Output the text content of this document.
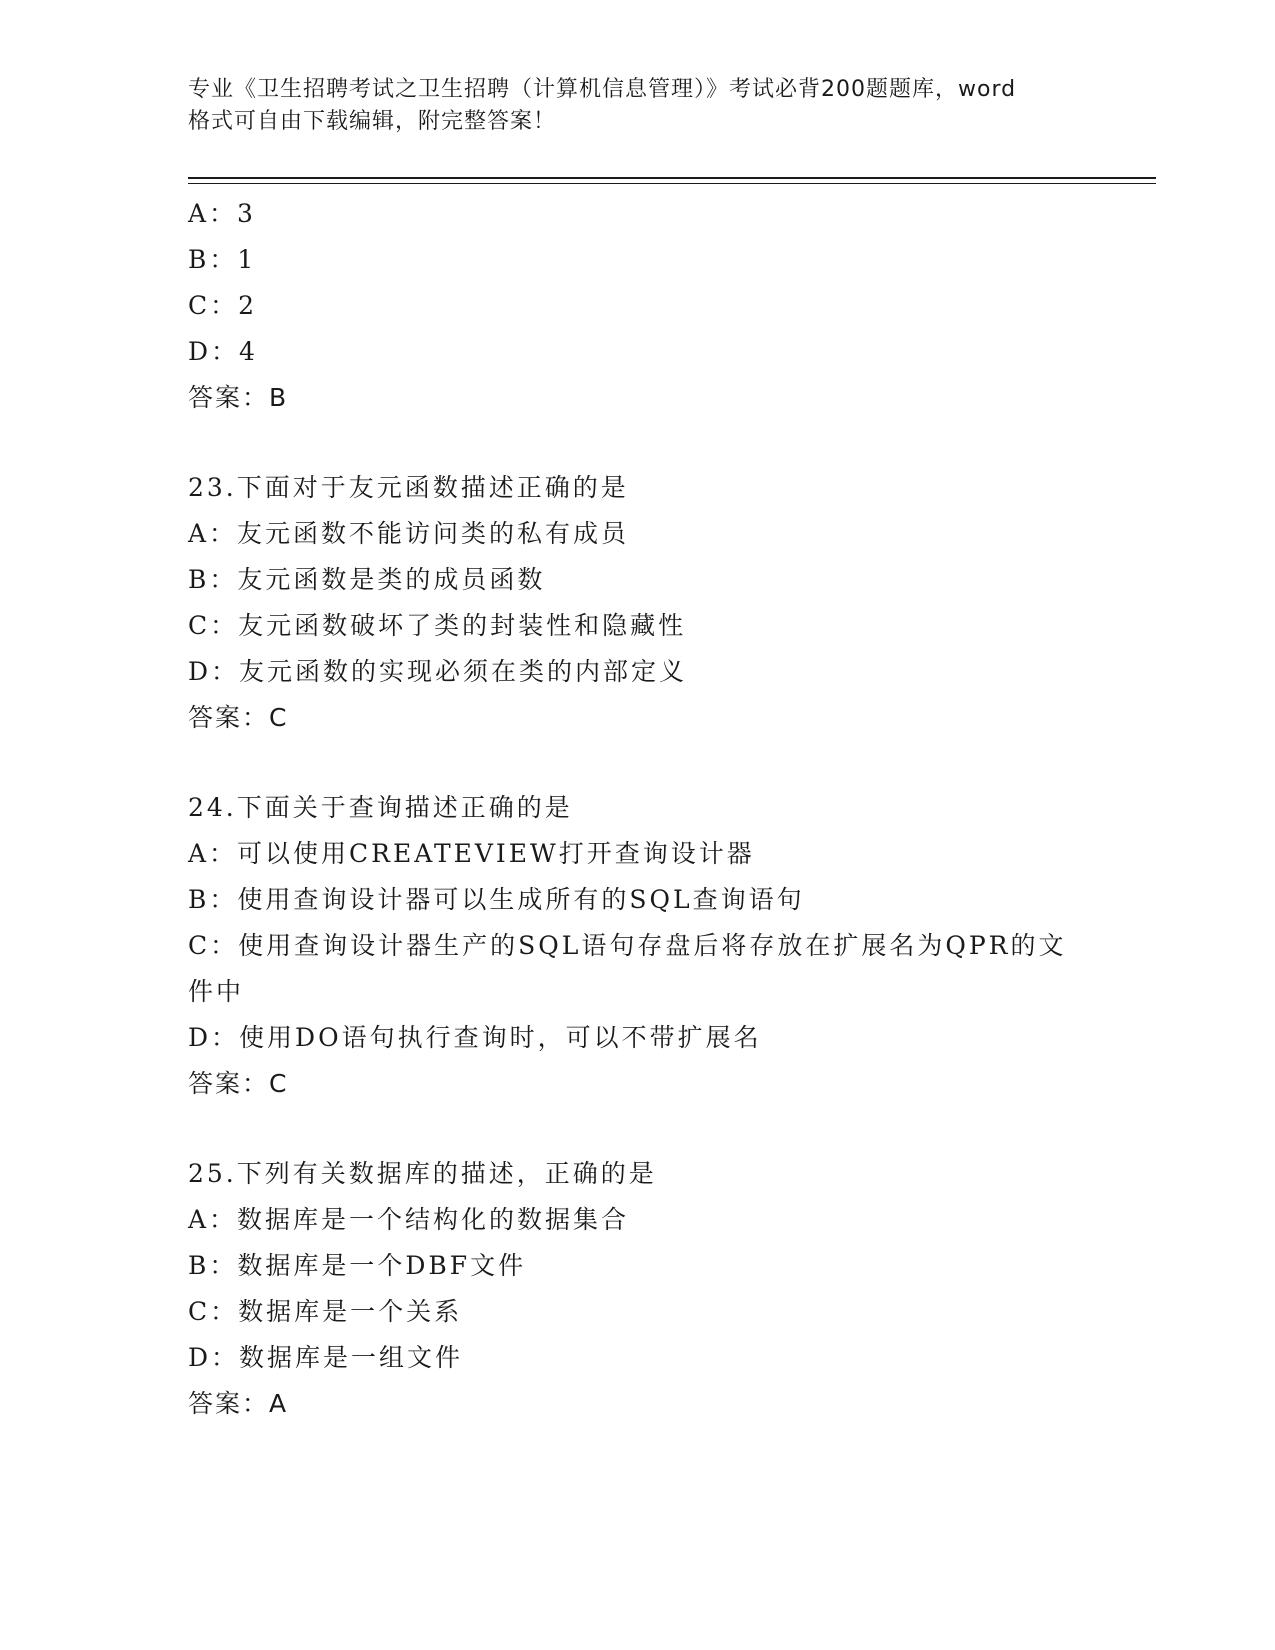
专业《卫生招聘考试之卫生招聘（计算机信息管理）》考试必背200题题库，word
格式可自由下载编辑，附完整答案！
A：3
B：1
C：2
D：4
答案：B
23.下面对于友元函数描述正确的是
A：友元函数不能访问类的私有成员
B：友元函数是类的成员函数
C：友元函数破坏了类的封装性和隐藏性
D：友元函数的实现必须在类的内部定义
答案：C
24.下面关于查询描述正确的是
A：可以使用CREATEVIEW打开查询设计器
B：使用查询设计器可以生成所有的SQL查询语句
C：使用查询设计器生产的SQL语句存盘后将存放在扩展名为QPR的文
件中
D：使用DO语句执行查询时，可以不带扩展名
答案：C
25.下列有关数据库的描述，正确的是
A：数据库是一个结构化的数据集合
B：数据库是一个DBF文件
C：数据库是一个关系
D：数据库是一组文件
答案：A
